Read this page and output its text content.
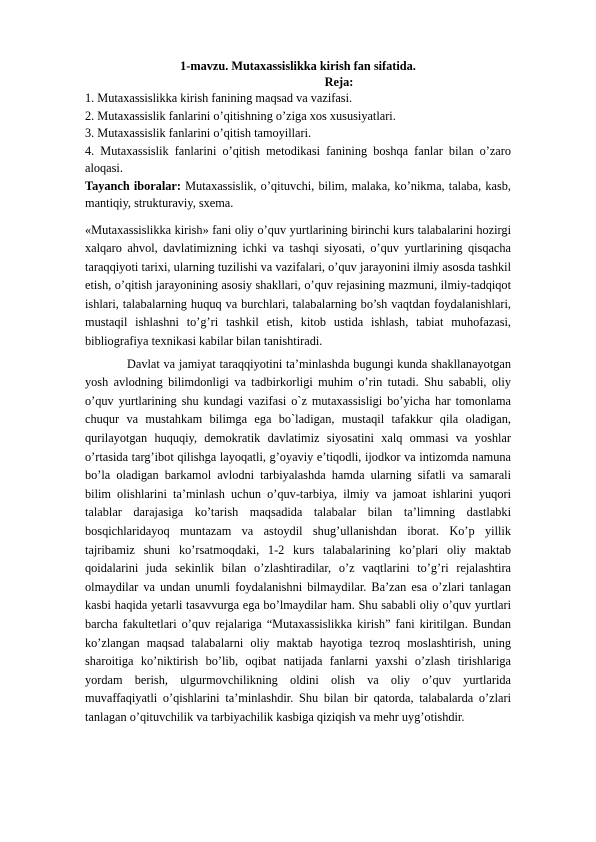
1-mavzu. Mutaxassislikka kirish fan sifatida.

Reja:

1. Mutaxassislikka kirish fanining maqsad va vazifasi.
2. Mutaxassislik fanlarini o’qitishning o’ziga xos xususiyatlari.
3. Mutaxassislik fanlarini o’qitish tamoyillari.
4. Mutaxassislik fanlarini o’qitish metodikasi fanining boshqa fanlar bilan o’zaro aloqasi.

Tayanch iboralar: Mutaxassislik, o’qituvchi, bilim, malaka, ko’nikma, talaba, kasb, mantiqiy, strukturaviy, sxema.

«Mutaxassislikka kirish» fani oliy o’quv yurtlarining birinchi kurs talabalarini hozirgi xalqaro ahvol, davlatimizning ichki va tashqi siyosati, o’quv yurtlarining qisqacha taraqqiyoti tarixi, ularning tuzilishi va vazifalari, o’quv jarayonini ilmiy asosda tashkil etish, o’qitish jarayonining asosiy shakllari, o’quv rejasining mazmuni, ilmiy-tadqiqot ishlari, talabalarning huquq va burchlari, talabalarning bo’sh vaqtdan foydalanishlari, mustaqil ishlashni to’g’ri tashkil etish, kitob ustida ishlash, tabiat muhofazasi, bibliografiya texnikasi kabilar bilan tanishtiradi.

Davlat va jamiyat taraqqiyotini ta’minlashda bugungi kunda shakllanayotgan yosh avlodning bilimdonligi va tadbirkorligi muhim o’rin tutadi. Shu sababli, oliy o’quv yurtlarining shu kundagi vazifasi o`z mutaxassisligi bo’yicha har tomonlama chuqur va mustahkam bilimga ega bo`ladigan, mustaqil tafakkur qila oladigan, qurilayotgan huquqiy, demokratik davlatimiz siyosatini xalq ommasi va yoshlar o’rtasida targ’ibot qilishga layoqatli, g’oyaviy e’tiqodli, ijodkor va intizomda namuna bo’la oladigan barkamol avlodni tarbiyalashda hamda ularning sifatli va samarali bilim olishlarini ta’minlash uchun o’quv-tarbiya, ilmiy va jamoat ishlarini yuqori talablar darajasiga ko’tarish maqsadida talabalar bilan ta’limning dastlabki bosqichlaridayoq muntazam va astoydil shug’ullanishdan iborat. Ko’p yillik tajribamiz shuni ko’rsatmoqdaki, 1-2 kurs talabalarining ko’plari oliy maktab qoidalarini juda sekinlik bilan o’zlashtiradilar, o’z vaqtlarini to’g’ri rejalashtira olmaydilar va undan unumli foydalanishni bilmaydilar. Ba’zan esa o’zlari tanlagan kasbi haqida yetarli tasavvurga ega bo’lmaydilar ham. Shu sababli oliy o’quv yurtlari barcha fakultetlari o’quv rejalariga “Mutaxassislikka kirish” fani kiritilgan. Bundan ko’zlangan maqsad talabalarni oliy maktab hayotiga tezroq moslashtirish, uning sharoitiga ko’niktirish bo’lib, oqibat natijada fanlarni yaxshi o’zlash tirishlariga yordam berish, ulgurmovchilikning oldini olish va oliy o’quv yurtlarida muvaffaqiyatli o’qishlarini ta’minlashdir. Shu bilan bir qatorda, talabalarda o’zlari tanlagan o’qituvchilik va tarbiyachilik kasbiga qiziqish va mehr uyg’otishdir.
